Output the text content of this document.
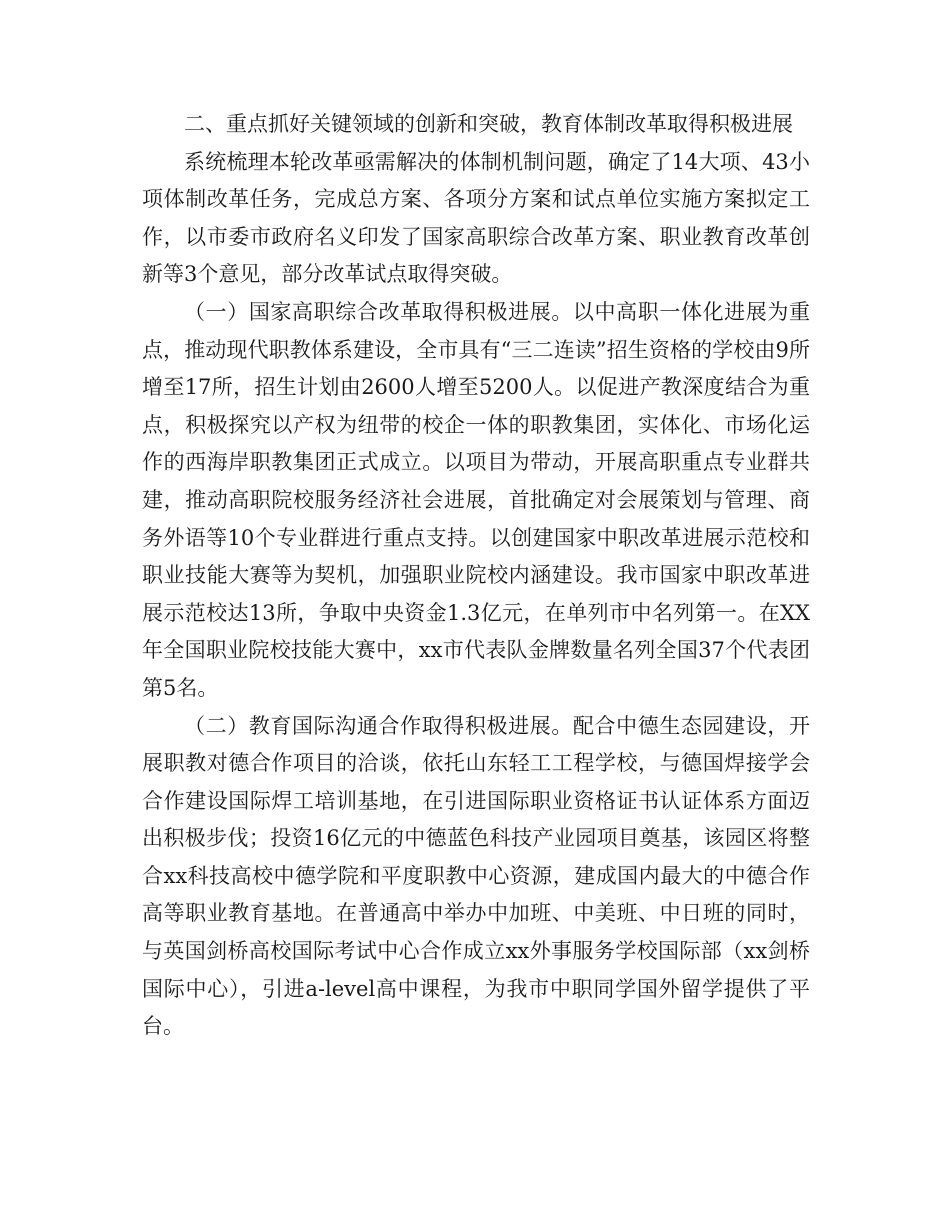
二、重点抓好关键领域的创新和突破，教育体制改革取得积极进展

系统梳理本轮改革亟需解决的体制机制问题，确定了14大项、43小项体制改革任务，完成总方案、各项分方案和试点单位实施方案拟定工作，以市委市政府名义印发了国家高职综合改革方案、职业教育改革创新等3个意见，部分改革试点取得突破。

（一）国家高职综合改革取得积极进展。以中高职一体化进展为重点，推动现代职教体系建设，全市具有“三二连读”招生资格的学校由9所增至17所，招生计划由2600人增至5200人。以促进产教深度结合为重点，积极探究以产权为纽带的校企一体的职教集团，实体化、市场化运作的西海岸职教集团正式成立。以项目为带动，开展高职重点专业群共建，推动高职院校服务经济社会进展，首批确定对会展策划与管理、商务外语等10个专业群进行重点支持。以创建国家中职改革进展示范校和职业技能大赛等为契机，加强职业院校内涵建设。我市国家中职改革进展示范校达13所，争取中央资金1.3亿元，在单列市中名列第一。在XX年全国职业院校技能大赛中，xx市代表队金牌数量名列全国37个代表团第5名。

（二）教育国际沟通合作取得积极进展。配合中德生态园建设，开展职教对德合作项目的洽谈，依托山东轻工工程学校，与德国焊接学会合作建设国际焊工培训基地，在引进国际职业资格证书认证体系方面迈出积极步伐；投资16亿元的中德蓝色科技产业园项目奠基，该园区将整合xx科技高校中德学院和平度职教中心资源，建成国内最大的中德合作高等职业教育基地。在普通高中举办中加班、中美班、中日班的同时，与英国剑桥高校国际考试中心合作成立xx外事服务学校国际部（xx剑桥国际中心），引进a-level高中课程，为我市中职同学国外留学提供了平台。
